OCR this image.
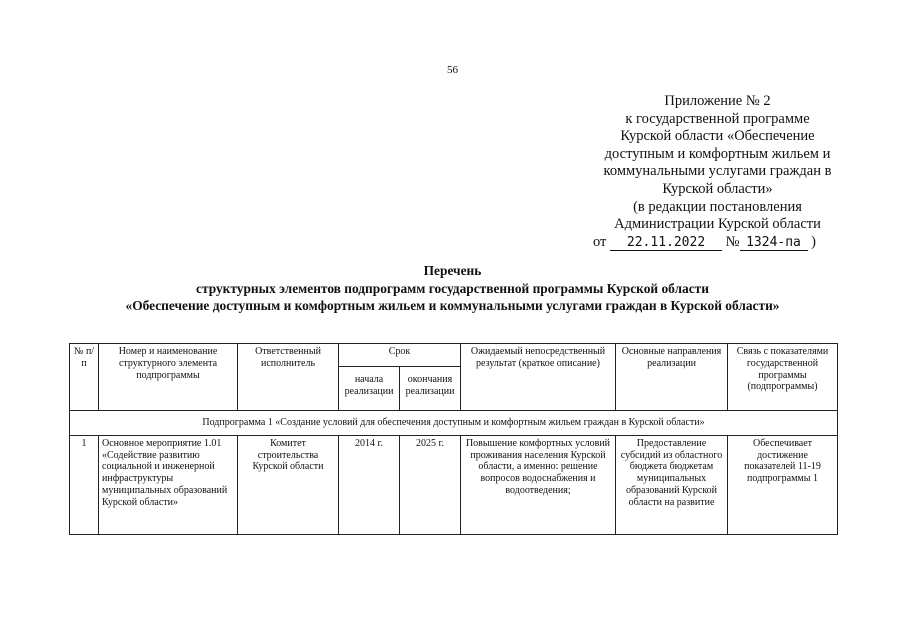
56
Приложение № 2
к государственной программе
Курской области «Обеспечение
доступным и комфортным жильем и
коммунальными услугами граждан в
Курской области»
(в редакции постановления
Администрации Курской области
от 22.11.2022 № 1324-па )
Перечень
структурных элементов подпрограмм государственной программы Курской области
«Обеспечение доступным и комфортным жильем и коммунальными услугами граждан в Курской области»
№ п/п	Номер и наименование структурного элемента подпрограммы	Ответственный исполнитель	Срок		Ожидаемый непосредственный результат (краткое описание)	Основные направления реализации	Связь с показателями государственной программы (подпрограммы)
			начала реализации	окончания реализации			
Подпрограмма 1 «Создание условий для обеспечения доступным и комфортным жильем граждан в Курской области»							
1	Основное мероприятие 1.01 «Содействие развитию социальной и инженерной инфраструктуры муниципальных образований Курской области»	Комитет строительства Курской области	2014 г.	2025 г.	Повышение комфортных условий проживания населения Курской области, а именно: решение вопросов водоснабжения и водоотведения;	Предоставление субсидий из областного бюджета бюджетам муниципальных образований Курской области на развитие	Обеспечивает достижение показателей 11-19 подпрограммы 1
